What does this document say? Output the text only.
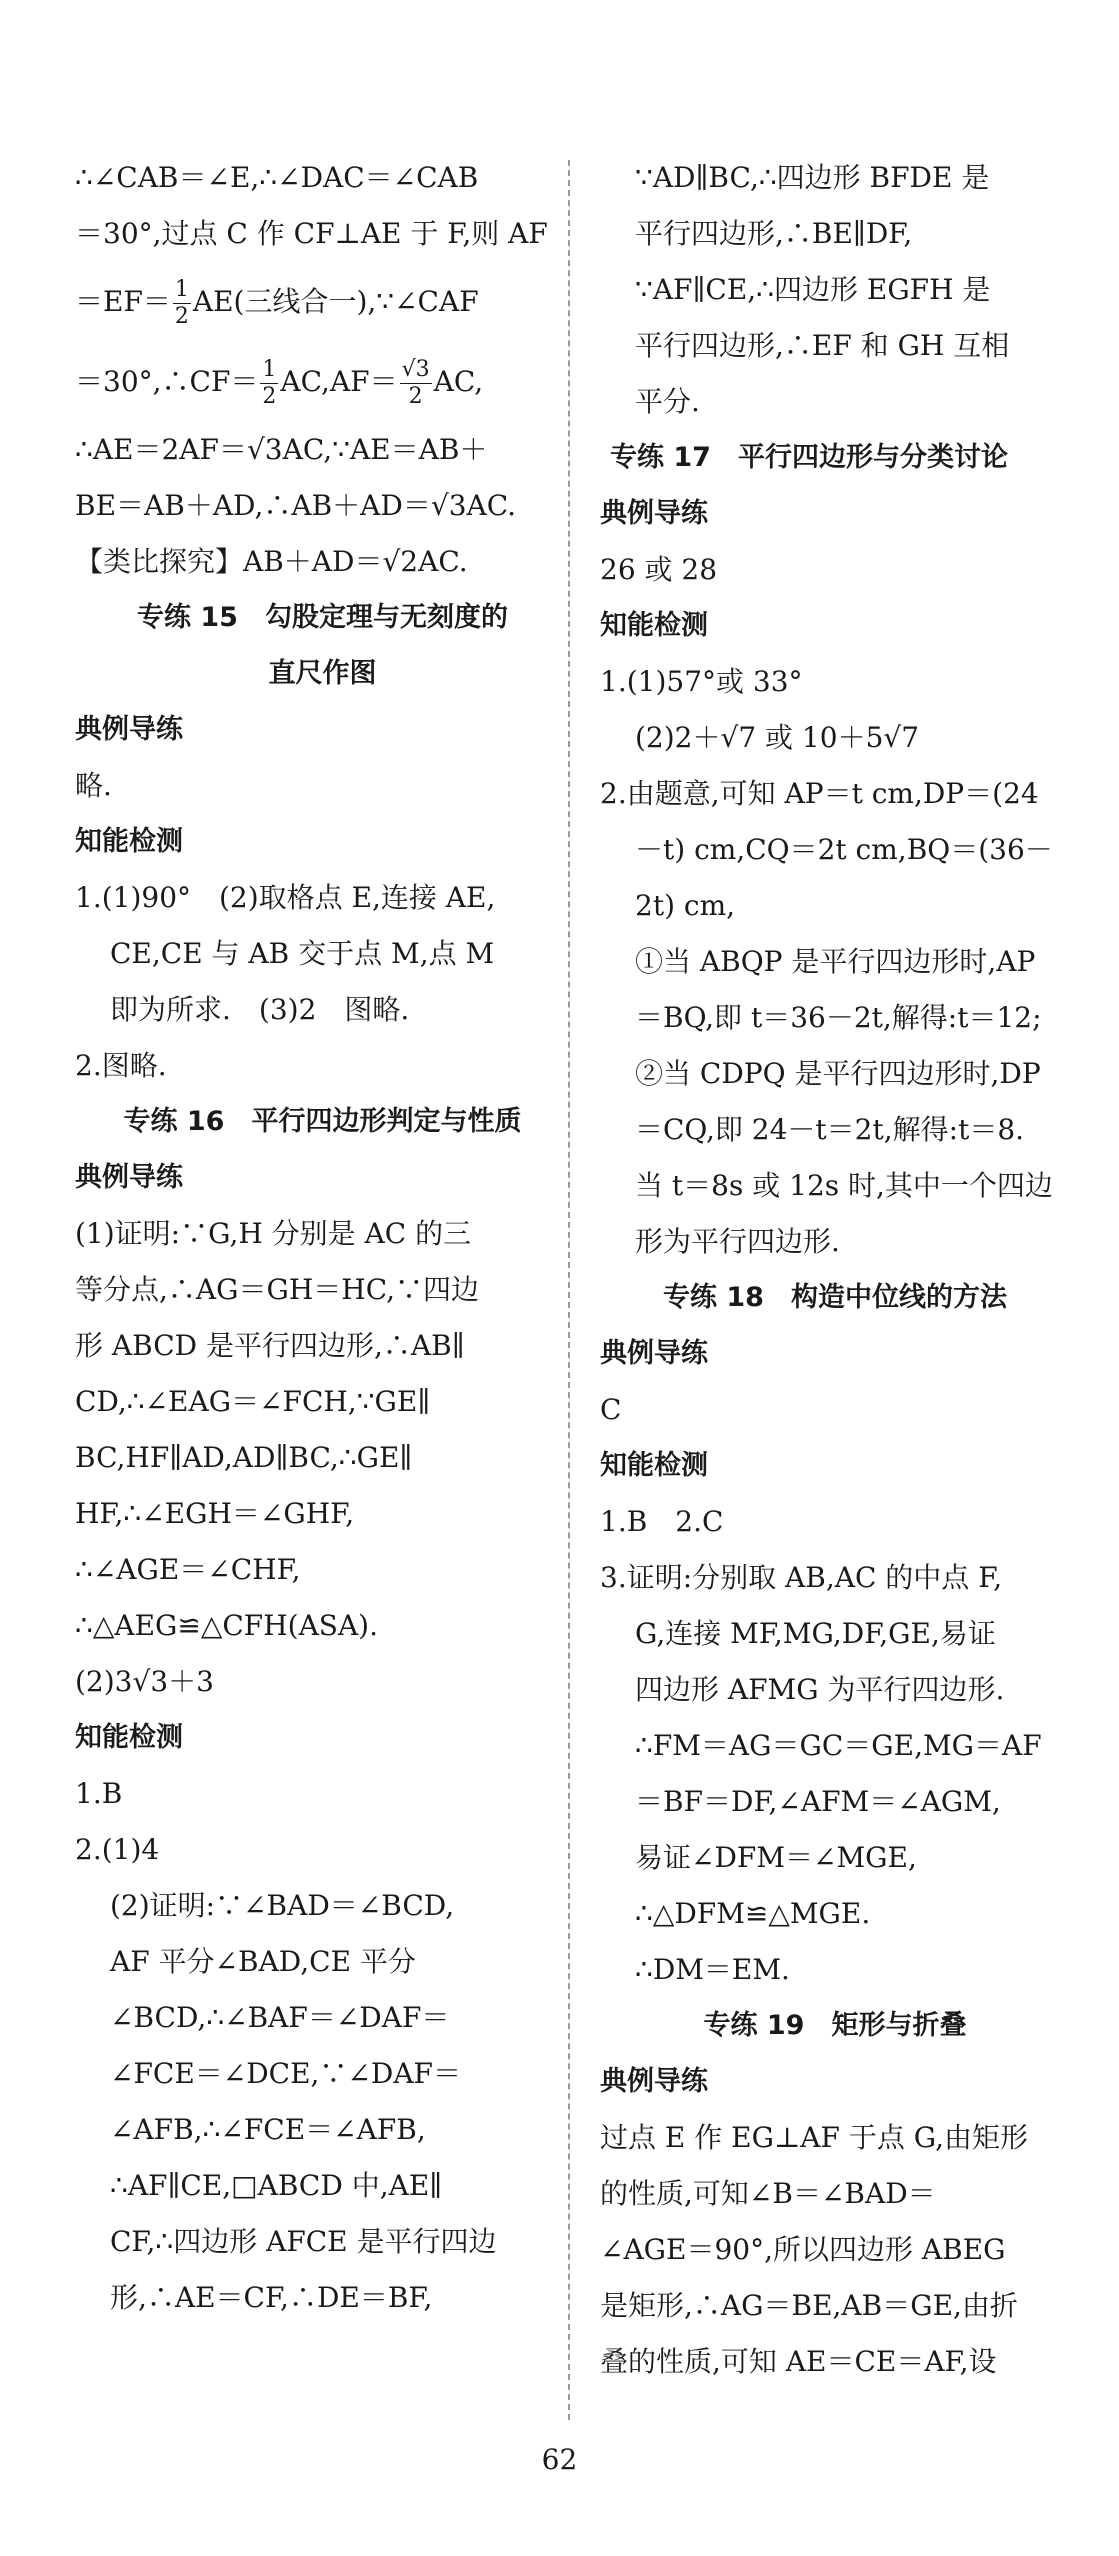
∴∠CAB＝∠E,∴∠DAC＝∠CAB
＝30°,过点 C 作 CF⊥AE 于 F,则 AF
$=EF= \frac{1}{2} AE$(三线合一),∵∠CAF
＝30°,∴CF＝ $\frac{1}{2} AC,AF= \frac{√3}{2}$ AC,
∴AE＝2AF＝√3AC,∵AE＝AB＋
BE＝AB＋AD,∴AB＋AD＝√3AC.
【类比探究】AB＋AD＝√2AC.
专练 15　勾股定理与无刻度的
直尺作图
典例导练
略.
知能检测
1.(1)90°　(2)取格点 E,连接 AE,
CE,CE 与 AB 交于点 M,点 M
即为所求.　(3)2　图略.
2.图略.
专练 16　平行四边形判定与性质
典例导练
(1)证明:∵G,H 分别是 AC 的三
等分点,∴AG＝GH＝HC,∵四边
形 ABCD 是平行四边形,∴AB∥
CD,∴∠EAG＝∠FCH,∵GE∥
BC,HF∥AD,AD∥BC,∴GE∥
HF,∴∠EGH＝∠GHF,
∴∠AGE＝∠CHF,
∴△AEG≌△CFH(ASA).
(2)3√3＋3
知能检测
1.B
2.(1)4
(2)证明:∵∠BAD＝∠BCD,
AF 平分∠BAD,CE 平分
∠BCD,∴∠BAF＝∠DAF＝
∠FCE＝∠DCE,∵∠DAF＝
∠AFB,∴∠FCE＝∠AFB,
∴AF∥CE,□ABCD 中,AE∥
CF,∴四边形 AFCE 是平行四边
形,∴AE＝CF,∴DE＝BF,
∵AD∥BC,∴四边形 BFDE 是
平行四边形,∴BE∥DF,
∵AF∥CE,∴四边形 EGFH 是
平行四边形,∴EF 和 GH 互相
平分.
专练 17　平行四边形与分类讨论
典例导练
26 或 28
知能检测
1.(1)57°或 33°
(2)2＋√7 或 10＋5√7
2.由题意,可知 AP＝t cm,DP＝(24
－t) cm,CQ＝2t cm,BQ＝(36－
2t) cm,
①当 ABQP 是平行四边形时,AP
＝BQ,即 t＝36－2t,解得:t＝12;
②当 CDPQ 是平行四边形时,DP
＝CQ,即 24－t＝2t,解得:t＝8.
当 t＝8s 或 12s 时,其中一个四边
形为平行四边形.
专练 18　构造中位线的方法
典例导练
C
知能检测
1.B　2.C
3.证明:分别取 AB,AC 的中点 F,
G,连接 MF,MG,DF,GE,易证
四边形 AFMG 为平行四边形.
∴FM＝AG＝GC＝GE,MG＝AF
＝BF＝DF,∠AFM＝∠AGM,
易证∠DFM＝∠MGE,
∴△DFM≌△MGE.
∴DM＝EM.
专练 19　矩形与折叠
典例导练
过点 E 作 EG⊥AF 于点 G,由矩形
的性质,可知∠B＝∠BAD＝
∠AGE＝90°,所以四边形 ABEG
是矩形,∴AG＝BE,AB＝GE,由折
叠的性质,可知 AE＝CE＝AF,设
62
